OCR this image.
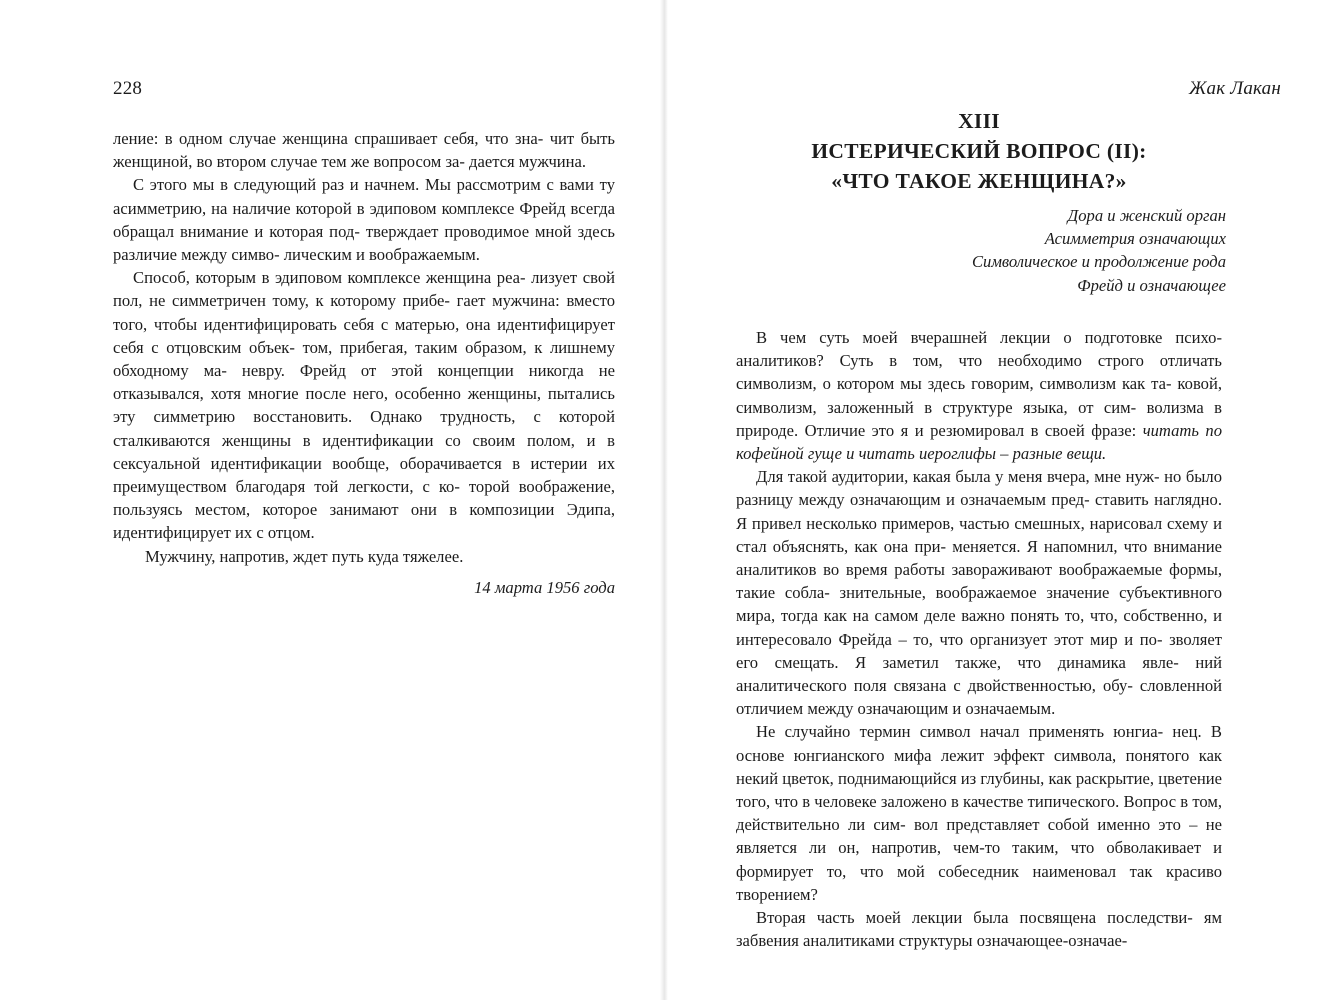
228

ление: в одном случае женщина спрашивает себя, что зна- чит быть женщиной, во втором случае тем же вопросом за- дается мужчина.

С этого мы в следующий раз и начнем. Мы рассмотрим с вами ту асимметрию, на наличие которой в эдиповом комплексе Фрейд всегда обращал внимание и которая под- тверждает проводимое мной здесь различие между симво- лическим и воображаемым.

Способ, которым в эдиповом комплексе женщина реа- лизует свой пол, не симметричен тому, к которому прибе- гает мужчина: вместо того, чтобы идентифицировать себя с матерью, она идентифицирует себя с отцовским объек- том, прибегая, таким образом, к лишнему обходному ма- невру. Фрейд от этой концепции никогда не отказывался, хотя многие после него, особенно женщины, пытались эту симметрию восстановить. Однако трудность, с которой сталкиваются женщины в идентификации со своим полом, и в сексуальной идентификации вообще, оборачивается в истерии их преимуществом благодаря той легкости, с ко- торой воображение, пользуясь местом, которое занимают они в композиции Эдипа, идентифицирует их с отцом.

Мужчину, напротив, ждет путь куда тяжелее.

14 марта 1956 года

Жак Лакан
XIII
ИСТЕРИЧЕСКИЙ ВОПРОС (II):
«ЧТО ТАКОЕ ЖЕНЩИНА?»
Дора и женский орган
Асимметрия означающих
Символическое и продолжение рода
Фрейд и означающее

В чем суть моей вчерашней лекции о подготовке психо- аналитиков? Суть в том, что необходимо строго отличать символизм, о котором мы здесь говорим, символизм как та- ковой, символизм, заложенный в структуре языка, от сим- волизма в природе. Отличие это я и резюмировал в своей фразе: читать по кофейной гуще и читать иероглифы – разные вещи.

Для такой аудитории, какая была у меня вчера, мне нуж- но было разницу между означающим и означаемым пред- ставить наглядно. Я привел несколько примеров, частью смешных, нарисовал схему и стал объяснять, как она при- меняется. Я напомнил, что внимание аналитиков во время работы завораживают воображаемые формы, такие собла- знительные, воображаемое значение субъективного мира, тогда как на самом деле важно понять то, что, собственно, и интересовало Фрейда – то, что организует этот мир и по- зволяет его смещать. Я заметил также, что динамика явле- ний аналитического поля связана с двойственностью, обу- словленной отличием между означающим и означаемым.

Не случайно термин символ начал применять юнгиа- нец. В основе юнгианского мифа лежит эффект символа, понятого как некий цветок, поднимающийся из глубины, как раскрытие, цветение того, что в человеке заложено в качестве типического. Вопрос в том, действительно ли сим- вол представляет собой именно это – не является ли он, напротив, чем-то таким, что обволакивает и формирует то, что мой собеседник наименовал так красиво творением?

Вторая часть моей лекции была посвящена последстви- ям забвения аналитиками структуры означающее-означае-
